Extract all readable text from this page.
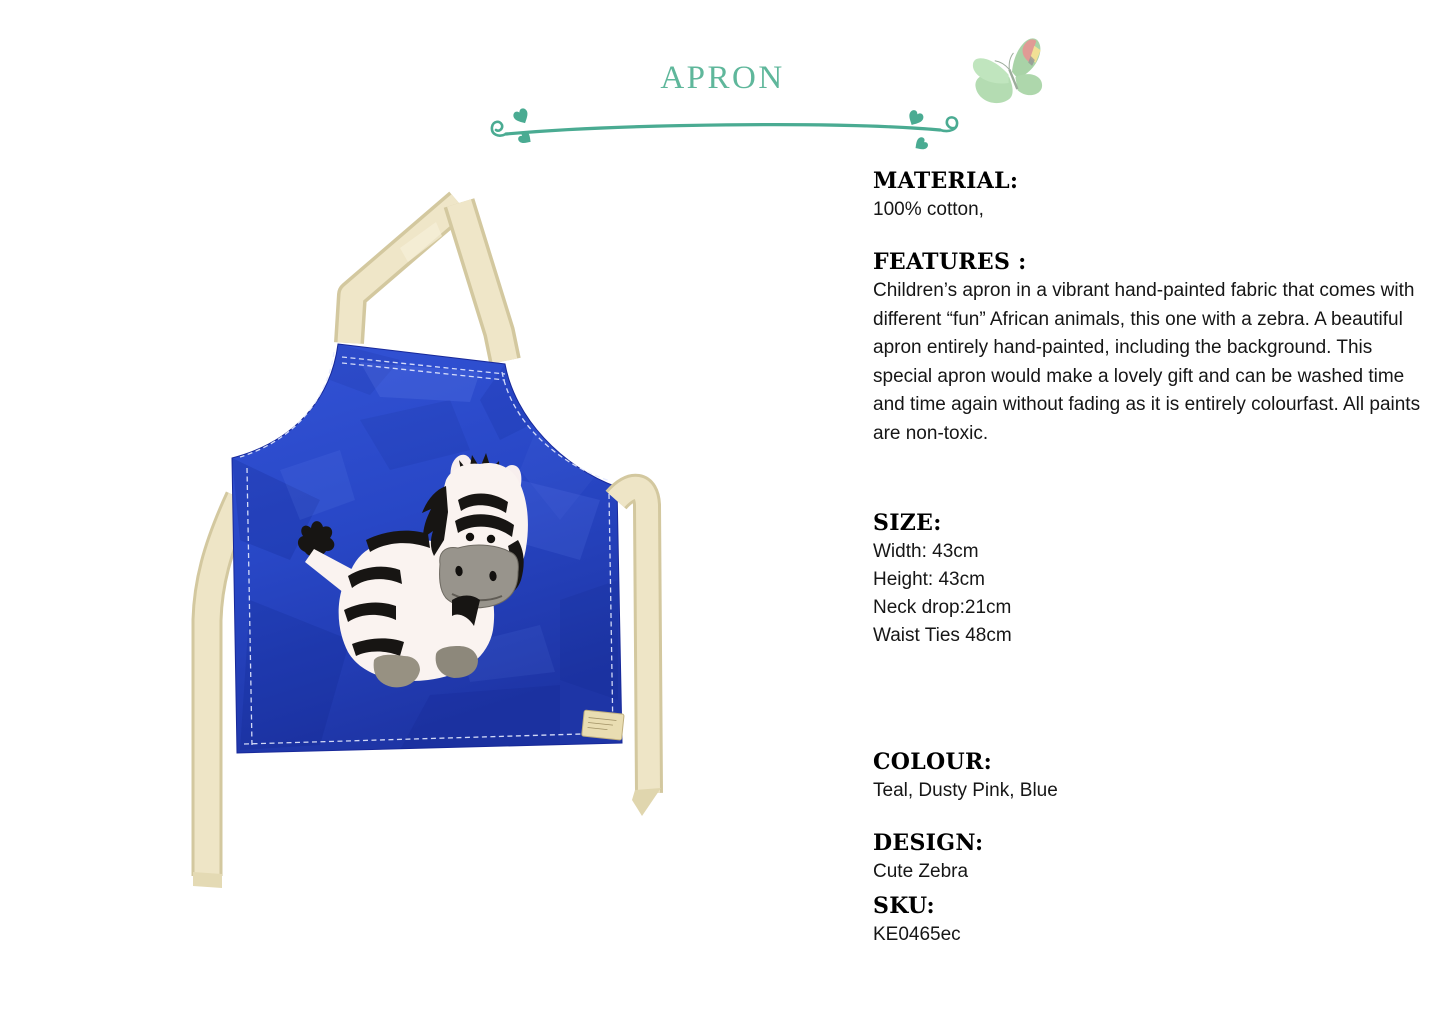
APRON
MATERIAL:
100% cotton,
FEATURES :
Children’s apron in a vibrant hand-painted fabric that comes with different “fun” African animals, this one with a zebra. A beautiful apron entirely hand-painted, including the background. This special apron would make a lovely gift and can be washed time and time again without fading as it is entirely colourfast. All paints are non-toxic.
SIZE:
Width: 43cm
Height: 43cm
Neck drop:21cm
Waist Ties 48cm
COLOUR:
Teal, Dusty Pink, Blue
DESIGN:
Cute Zebra
SKU:
KE0465ec
